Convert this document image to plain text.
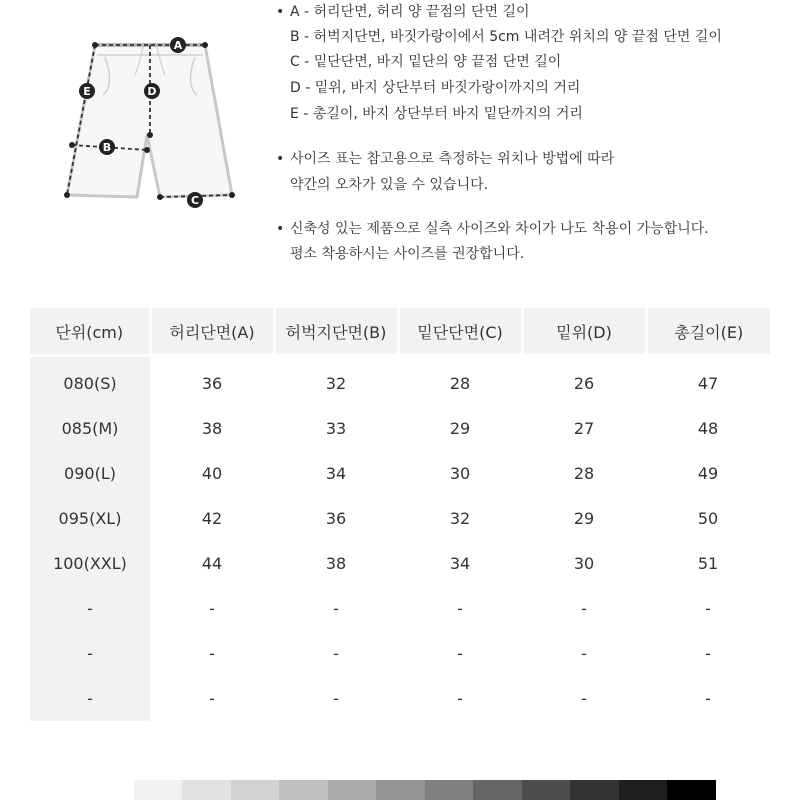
A
D
E
B
C
• A - 허리단면, 허리 양 끝점의 단면 길이
B - 허벅지단면, 바짓가랑이에서 5cm 내려간 위치의 양 끝점 단면 길이
C - 밑단단면, 바지 밑단의 양 끝점 단면 길이
D - 밑위, 바지 상단부터 바짓가랑이까지의 거리
E - 총길이, 바지 상단부터 바지 밑단까지의 거리
• 사이즈 표는 참고용으로 측정하는 위치나 방법에 따라
약간의 오차가 있을 수 있습니다.
• 신축성 있는 제품으로 실측 사이즈와 차이가 나도 착용이 가능합니다.
평소 착용하시는 사이즈를 권장합니다.
단위(cm)	허리단면(A)	허벅지단면(B)	밑단단면(C)	밑위(D)	총길이(E)
080(S)	36	32	28	26	47
085(M)	38	33	29	27	48
090(L)	40	34	30	28	49
095(XL)	42	36	32	29	50
100(XXL)	44	38	34	30	51
-	-	-	-	-	-
-	-	-	-	-	-
-	-	-	-	-	-
